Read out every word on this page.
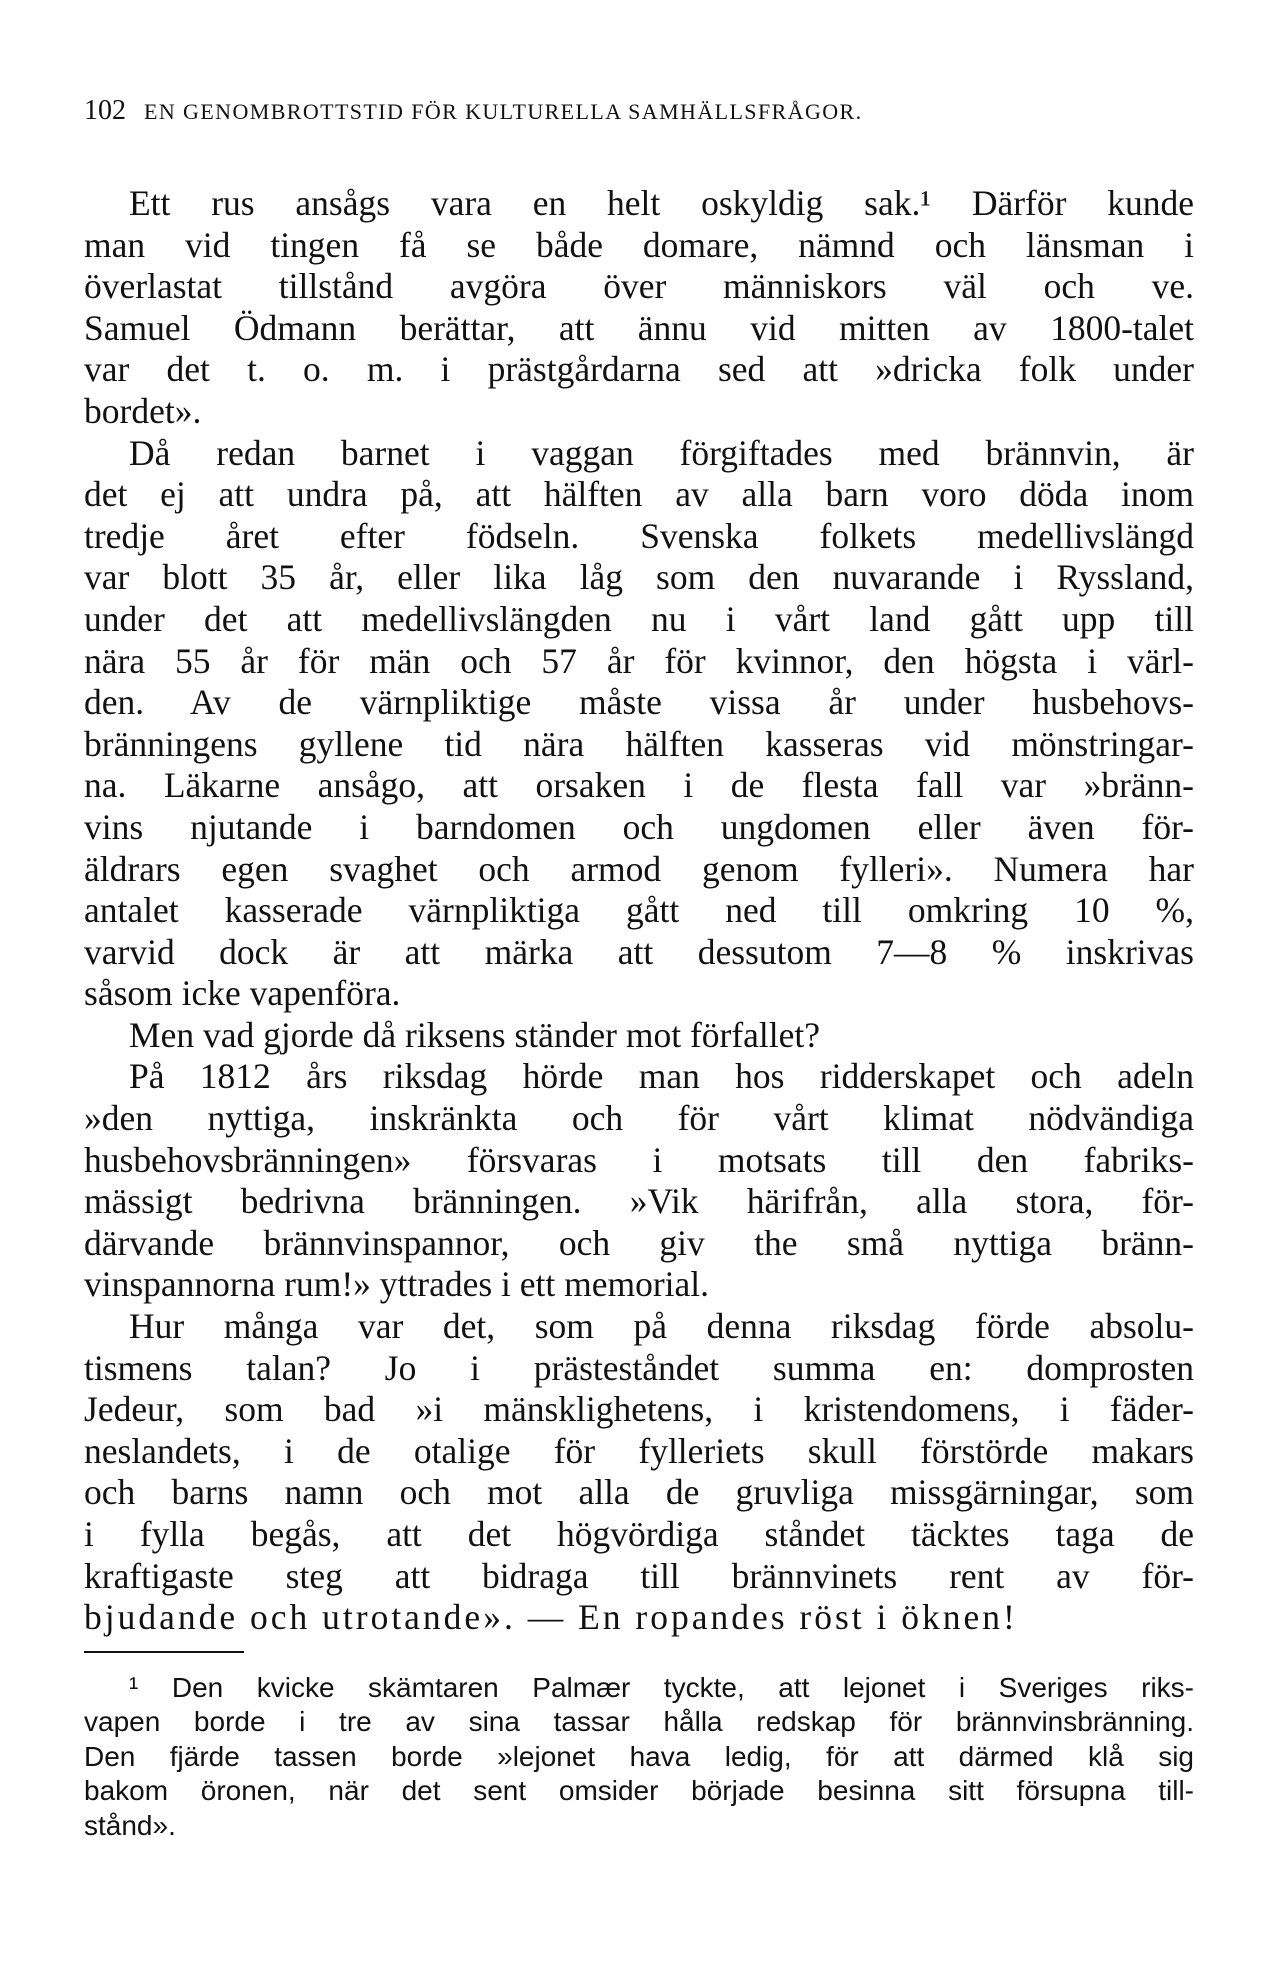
102 EN GENOMBROTTSTID FÖR KULTURELLA SAMHÄLLSFRÅGOR.

Ett rus ansågs vara en helt oskyldig sak.¹ Därför kunde
man vid tingen få se både domare, nämnd och länsman i
överlastat tillstånd avgöra över människors väl och ve.
Samuel Ödmann berättar, att ännu vid mitten av 1800-talet
var det t. o. m. i prästgårdarna sed att »dricka folk under
bordet».

Då redan barnet i vaggan förgiftades med brännvin, är
det ej att undra på, att hälften av alla barn voro döda inom
tredje året efter födseln. Svenska folkets medellivslängd
var blott 35 år, eller lika låg som den nuvarande i Ryssland,
under det att medellivslängden nu i vårt land gått upp till
nära 55 år för män och 57 år för kvinnor, den högsta i värl-
den. Av de värnpliktige måste vissa år under husbehovs-
bränningens gyllene tid nära hälften kasseras vid mönstringar-
na. Läkarne ansågo, att orsaken i de flesta fall var »bränn-
vins njutande i barndomen och ungdomen eller även för-
äldrars egen svaghet och armod genom fylleri». Numera har
antalet kasserade värnpliktiga gått ned till omkring 10 %,
varvid dock är att märka att dessutom 7—8 % inskrivas
såsom icke vapenföra.

Men vad gjorde då riksens ständer mot förfallet?

På 1812 års riksdag hörde man hos ridderskapet och adeln
»den nyttiga, inskränkta och för vårt klimat nödvändiga
husbehovsbränningen» försvaras i motsats till den fabriks-
mässigt bedrivna bränningen. »Vik härifrån, alla stora, för-
därvande brännvinspannor, och giv the små nyttiga bränn-
vinspannorna rum!» yttrades i ett memorial.

Hur många var det, som på denna riksdag förde absolu-
tismens talan? Jo i prästeståndet summa en: domprosten
Jedeur, som bad »i mänsklighetens, i kristendomens, i fäder-
neslandets, i de otalige för fylleriets skull förstörde makars
och barns namn och mot alla de gruvliga missgärningar, som
i fylla begås, att det högvördiga ståndet täcktes taga de
kraftigaste steg att bidraga till brännvinets rent av för-
bjudande och utrotande». — En ropandes röst i öknen!

¹ Den kvicke skämtaren Palmær tyckte, att lejonet i Sveriges riks-
vapen borde i tre av sina tassar hålla redskap för brännvinsbränning.
Den fjärde tassen borde »lejonet hava ledig, för att därmed klå sig
bakom öronen, när det sent omsider började besinna sitt försupna till-
stånd».
